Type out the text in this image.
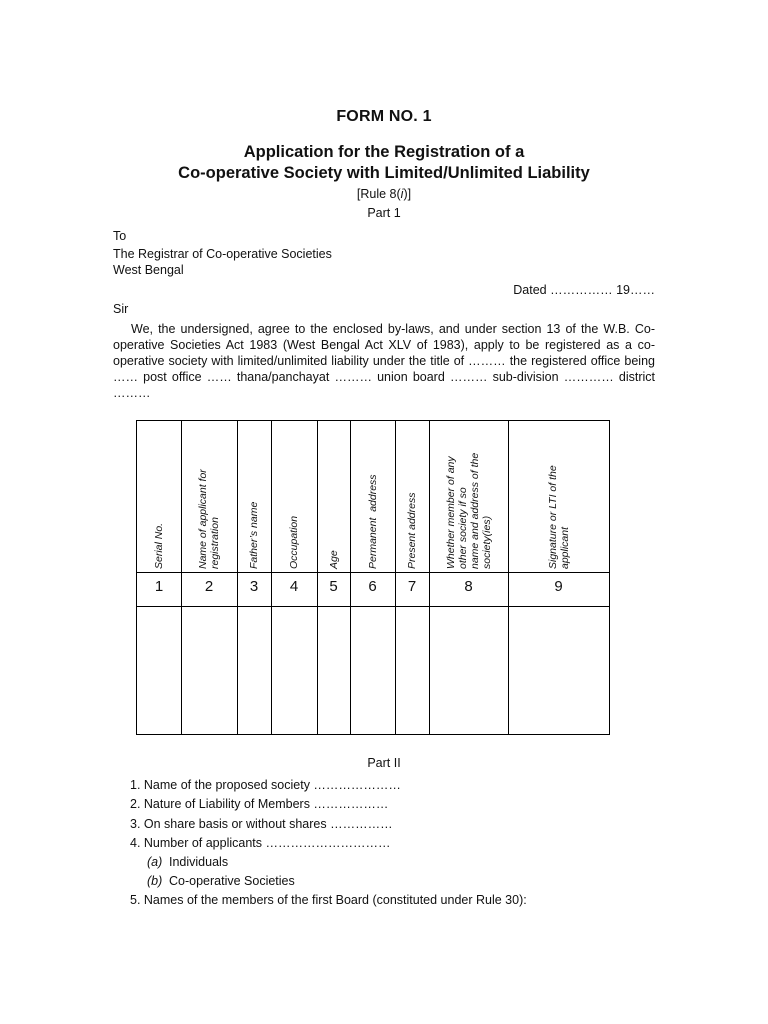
FORM NO. 1
Application for the Registration of a
Co-operative Society with Limited/Unlimited Liability
[Rule 8(i)]
Part 1
To
The Registrar of Co-operative Societies
West Bengal
Dated …………… 19……
Sir
We, the undersigned, agree to the enclosed by-laws, and under section 13 of the W.B. Co-operative Societies Act 1983 (West Bengal Act XLV of 1983), apply to be registered as a co-operative society with limited/unlimited liability under the title of ……… the registered office being …… post office …… thana/panchayat ……… union board ……… sub-division ………… district ………
Serial No.
1
Name of applicant for
registration
2
Father’s name
3
Occupation
4
Age
5
Permanent  address
6
Present address
7
Whether member of any
other society if so
name and address of the
society(ies)
8
Signature or LTI of the
applicant
9
Part II
1. Name of the proposed society …………………
2. Nature of Liability of Members ………………
3. On share basis or without shares ……………
4. Number of applicants …………………………
(a) Individuals
(b) Co-operative Societies
5. Names of the members of the first Board (constituted under Rule 30):
